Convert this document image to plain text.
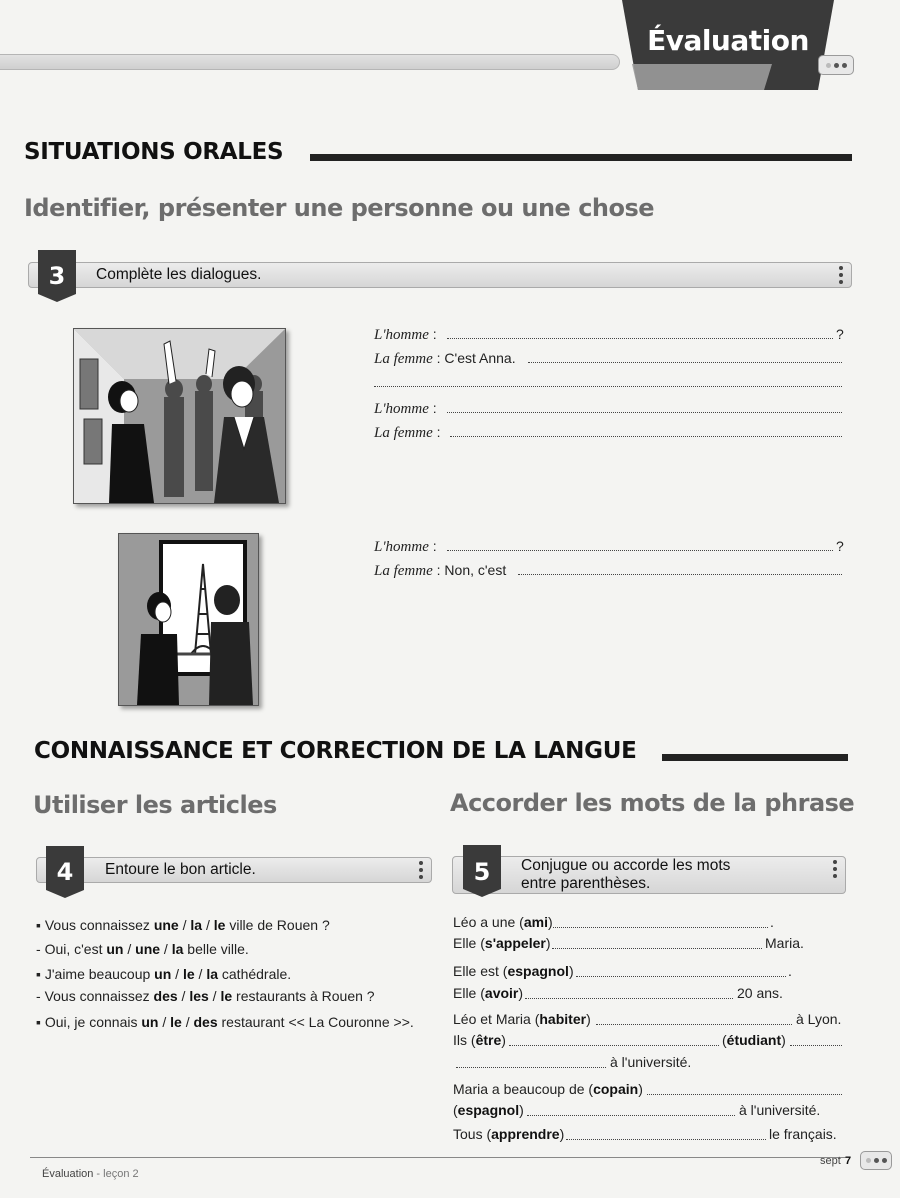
Évaluation
SITUATIONS ORALES
Identifier, présenter une personne ou une chose
3	Complète les dialogues.
L'homme :	?
La femme : C'est Anna.
L'homme :
La femme :
L'homme :	?
La femme : Non, c'est
CONNAISSANCE ET CORRECTION DE LA LANGUE
Utiliser les articles	Accorder les mots de la phrase
4	Entoure le bon article.
▪ Vous connaissez une / la / le ville de Rouen ?
- Oui, c'est un / une / la belle ville.
▪ J'aime beaucoup un / le / la cathédrale.
- Vous connaissez des / les / le restaurants à Rouen ?
▪ Oui, je connais un / le / des restaurant << La Couronne >>.
5	Conjugue ou accorde les mots
entre parenthèses.
Léo a une (ami)	.
Elle (s'appeler)	Maria.
Elle est (espagnol)	.
Elle (avoir)	20 ans.
Léo et Maria (habiter)	à Lyon.
Ils (être)	(étudiant)
à l'université.
Maria a beaucoup de (copain)
(espagnol)	à l'université.
Tous (apprendre)	le français.
Évaluation - leçon 2
sept 7
